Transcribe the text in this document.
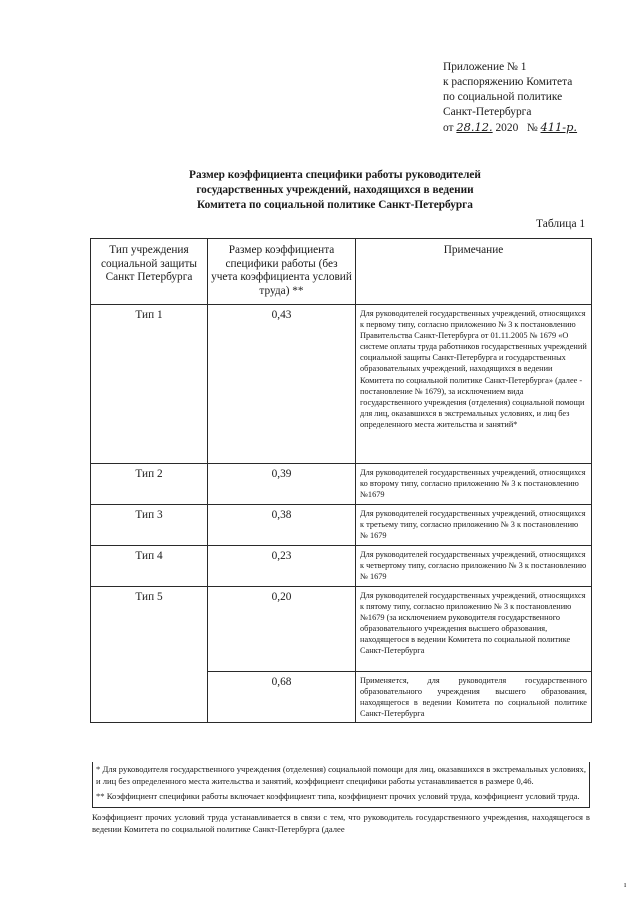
Приложение № 1
к распоряжению Комитета
по социальной политике
Санкт-Петербурга
от 28.12. 2020 № 411-р.
Размер коэффициента специфики работы руководителей
государственных учреждений, находящихся в ведении
Комитета по социальной политике Санкт-Петербурга
Таблица 1
Тип учреждения социальной защиты Санкт Петербурга	Размер коэффициента специфики работы (без учета коэффициента условий труда) **	Примечание
Тип 1	0,43	Для руководителей государственных учреждений, относящихся к первому типу, согласно приложению № 3 к постановлению Правительства Санкт-Петербурга от 01.11.2005 № 1679 «О системе оплаты труда работников государственных учреждений социальной защиты Санкт-Петербурга и государственных образовательных учреждений, находящихся в ведении Комитета по социальной политике Санкт-Петербурга» (далее - постановление № 1679), за исключением вида государственного учреждения (отделения) социальной помощи для лиц, оказавшихся в экстремальных условиях, и лиц без определенного места жительства и занятий*
Тип 2	0,39	Для руководителей государственных учреждений, относящихся ко второму типу, согласно приложению № 3 к постановлению №1679
Тип 3	0,38	Для руководителей государственных учреждений, относящихся к третьему типу, согласно приложению № 3 к постановлению № 1679
Тип 4	0,23	Для руководителей государственных учреждений, относящихся к четвертому типу, согласно приложению № 3 к постановлению № 1679
Тип 5	0,20	Для руководителей государственных учреждений, относящихся к пятому типу, согласно приложению № 3 к постановлению №1679 (за исключением руководителя государственного образовательного учреждения высшего образования, находящегося в ведении Комитета по социальной политике Санкт-Петербурга
	0,68	Применяется, для руководителя государственного образовательного учреждения высшего образования, находящегося в ведении Комитета по социальной политике Санкт-Петербурга

* Для руководителя государственного учреждения (отделения) социальной помощи для лиц, оказавшихся в экстремальных условиях, и лиц без определенного места жительства и занятий, коэффициент специфики работы устанавливается в размере 0,46.

** Коэффициент специфики работы включает коэффициент типа, коэффициент прочих условий труда, коэффициент условий труда.

Коэффициент прочих условий труда устанавливается в связи с тем, что руководитель государственного учреждения, находящегося в ведении Комитета по социальной политике Санкт-Петербурга (далее

ı
